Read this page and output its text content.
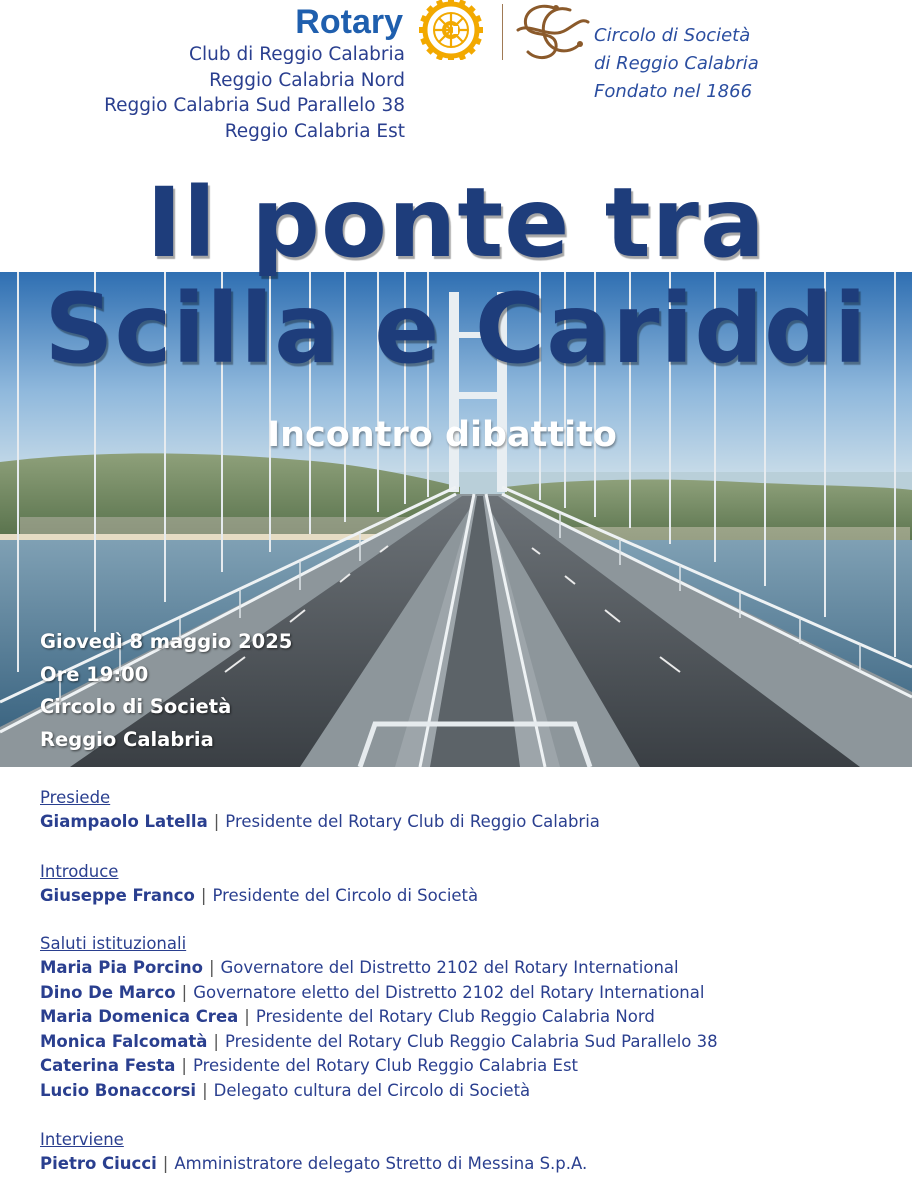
Rotary
Club di Reggio Calabria
Reggio Calabria Nord
Reggio Calabria Sud Parallelo 38
Reggio Calabria Est
Circolo di Società
di Reggio Calabria
Fondato nel 1866
Il ponte tra
Scilla e Cariddi
Incontro dibattito
Giovedì 8 maggio 2025
Ore 19:00
Circolo di Società
Reggio Calabria
Presiede
Giampaolo Latella | Presidente del Rotary Club di Reggio Calabria
Introduce
Giuseppe Franco | Presidente del Circolo di Società
Saluti istituzionali
Maria Pia Porcino | Governatore del Distretto 2102 del Rotary International
Dino De Marco | Governatore eletto del Distretto 2102 del Rotary International
Maria Domenica Crea | Presidente del Rotary Club Reggio Calabria Nord
Monica Falcomatà | Presidente del Rotary Club Reggio Calabria Sud Parallelo 38
Caterina Festa | Presidente del Rotary Club Reggio Calabria Est
Lucio Bonaccorsi | Delegato cultura del Circolo di Società
Interviene
Pietro Ciucci | Amministratore delegato Stretto di Messina S.p.A.
